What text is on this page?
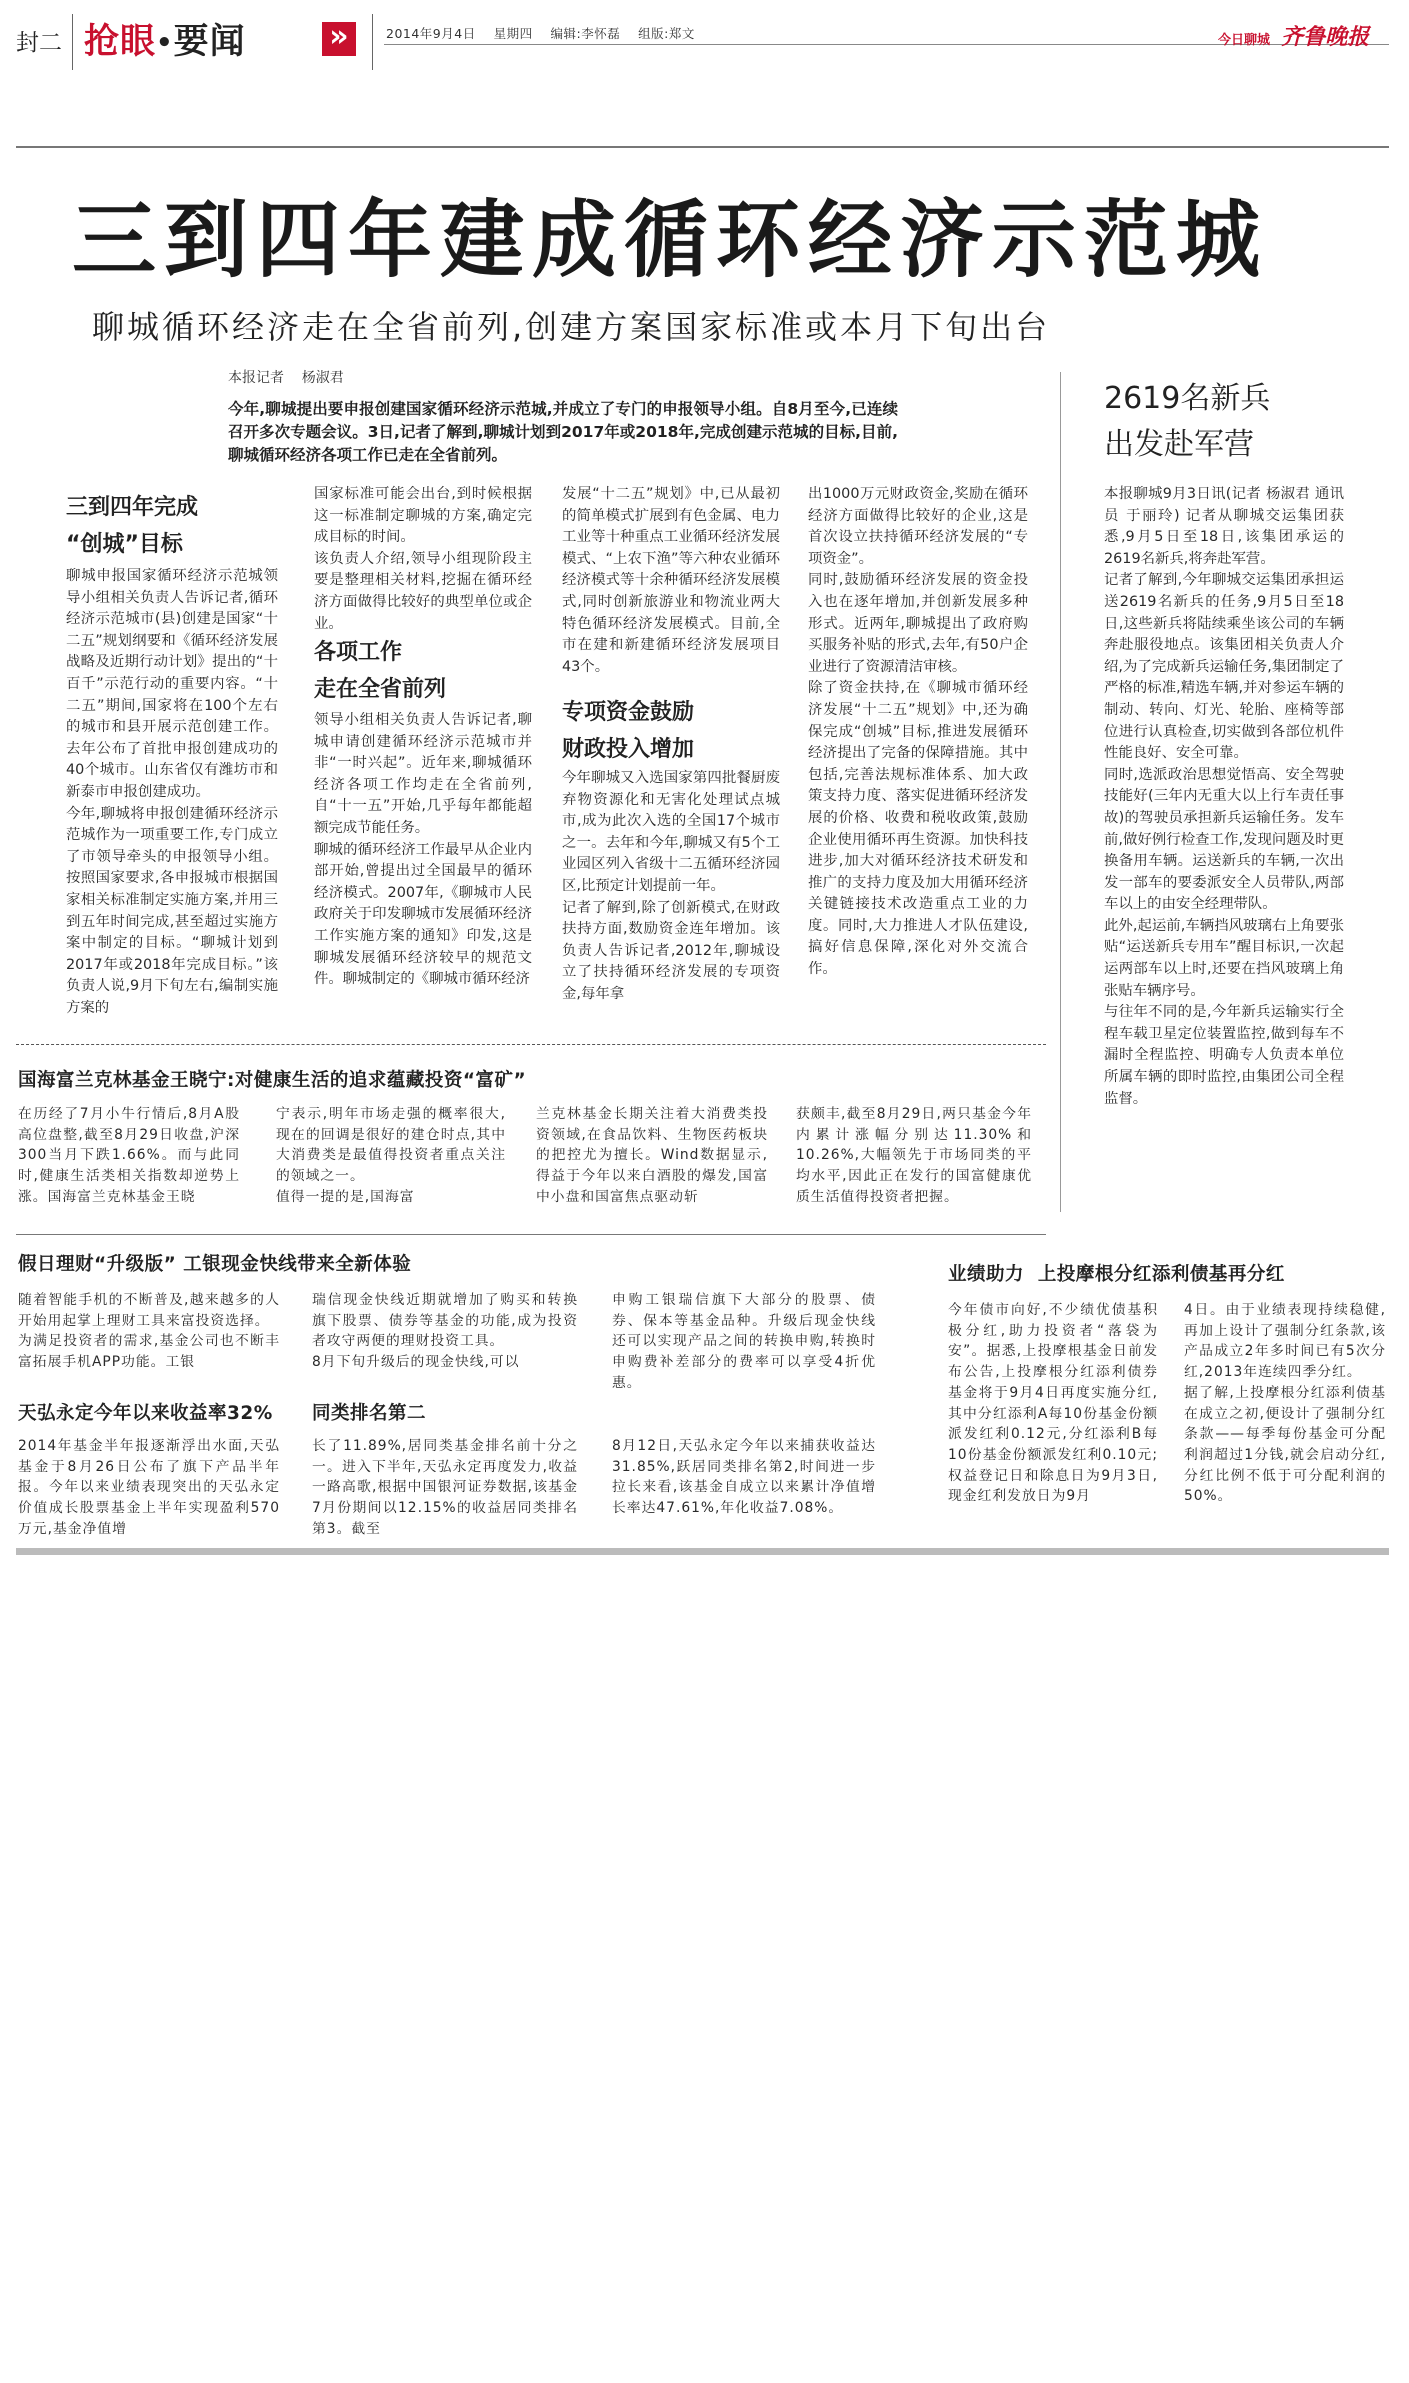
封二 抢眼•要闻	»	2014年9月4日 星期四 编辑:李怀磊 组版:郑文	今日聊城 齐鲁晚报
三到四年建成循环经济示范城
聊城循环经济走在全省前列,创建方案国家标准或本月下旬出台
本报记者    杨淑君
今年,聊城提出要申报创建国家循环经济示范城,并成立了专门的申报领导小组。自8月至今,已连续召开多次专题会议。3日,记者了解到,聊城计划到2017年或2018年,完成创建示范城的目标,目前,聊城循环经济各项工作已走在全省前列。
三到四年完成
“创城”目标
聊城申报国家循环经济示范城领导小组相关负责人告诉记者,循环经济示范城市(县)创建是国家“十二五”规划纲要和《循环经济发展战略及近期行动计划》提出的“十百千”示范行动的重要内容。“十二五”期间,国家将在100个左右的城市和县开展示范创建工作。去年公布了首批申报创建成功的40个城市。山东省仅有潍坊市和新泰市申报创建成功。
今年,聊城将申报创建循环经济示范城作为一项重要工作,专门成立了市领导牵头的申报领导小组。按照国家要求,各申报城市根据国家相关标准制定实施方案,并用三到五年时间完成,甚至超过实施方案中制定的目标。“聊城计划到2017年或2018年完成目标。”该负责人说,9月下旬左右,编制实施方案的
国家标准可能会出台,到时候根据这一标准制定聊城的方案,确定完成目标的时间。
该负责人介绍,领导小组现阶段主要是整理相关材料,挖掘在循环经济方面做得比较好的典型单位或企业。
各项工作
走在全省前列
领导小组相关负责人告诉记者,聊城申请创建循环经济示范城市并非“一时兴起”。近年来,聊城循环经济各项工作均走在全省前列,自“十一五”开始,几乎每年都能超额完成节能任务。
聊城的循环经济工作最早从企业内部开始,曾提出过全国最早的循环经济模式。2007年,《聊城市人民政府关于印发聊城市发展循环经济工作实施方案的通知》印发,这是聊城发展循环经济较早的规范文件。聊城制定的《聊城市循环经济
发展“十二五”规划》中,已从最初的简单模式扩展到有色金属、电力工业等十种重点工业循环经济发展模式、“上农下渔”等六种农业循环经济模式等十余种循环经济发展模式,同时创新旅游业和物流业两大特色循环经济发展模式。目前,全市在建和新建循环经济发展项目43个。
专项资金鼓励
财政投入增加
今年聊城又入选国家第四批餐厨废弃物资源化和无害化处理试点城市,成为此次入选的全国17个城市之一。去年和今年,聊城又有5个工业园区列入省级十二五循环经济园区,比预定计划提前一年。
记者了解到,除了创新模式,在财政扶持方面,数励资金连年增加。该负责人告诉记者,2012年,聊城设立了扶持循环经济发展的专项资金,每年拿
出1000万元财政资金,奖励在循环经济方面做得比较好的企业,这是首次设立扶持循环经济发展的“专项资金”。
同时,鼓励循环经济发展的资金投入也在逐年增加,并创新发展多种形式。近两年,聊城提出了政府购买服务补贴的形式,去年,有50户企业进行了资源清洁审核。
除了资金扶持,在《聊城市循环经济发展“十二五”规划》中,还为确保完成“创城”目标,推进发展循环经济提出了完备的保障措施。其中包括,完善法规标准体系、加大政策支持力度、落实促进循环经济发展的价格、收费和税收政策,鼓励企业使用循环再生资源。加快科技进步,加大对循环经济技术研发和推广的支持力度及加大用循环经济关键链接技术改造重点工业的力度。同时,大力推进人才队伍建设,搞好信息保障,深化对外交流合作。
2619名新兵
出发赴军营
本报聊城9月3日讯(记者 杨淑君 通讯员 于丽玲) 记者从聊城交运集团获悉,9月5日至18日,该集团承运的2619名新兵,将奔赴军营。
记者了解到,今年聊城交运集团承担运送2619名新兵的任务,9月5日至18日,这些新兵将陆续乘坐该公司的车辆奔赴服役地点。该集团相关负责人介绍,为了完成新兵运输任务,集团制定了严格的标准,精选车辆,并对参运车辆的制动、转向、灯光、轮胎、座椅等部位进行认真检查,切实做到各部位机件性能良好、安全可靠。
同时,选派政治思想觉悟高、安全驾驶技能好(三年内无重大以上行车责任事故)的驾驶员承担新兵运输任务。发车前,做好例行检查工作,发现问题及时更换备用车辆。运送新兵的车辆,一次出发一部车的要委派安全人员带队,两部车以上的由安全经理带队。
此外,起运前,车辆挡风玻璃右上角要张贴“运送新兵专用车”醒目标识,一次起运两部车以上时,还要在挡风玻璃上角张贴车辆序号。
与往年不同的是,今年新兵运输实行全程车载卫星定位装置监控,做到每车不漏时全程监控、明确专人负责本单位所属车辆的即时监控,由集团公司全程监督。
国海富兰克林基金王晓宁:对健康生活的追求蕴藏投资“富矿”
在历经了7月小牛行情后,8月A股高位盘整,截至8月29日收盘,沪深300当月下跌1.66%。而与此同时,健康生活类相关指数却逆势上涨。国海富兰克林基金王晓
宁表示,明年市场走强的概率很大,现在的回调是很好的建仓时点,其中大消费类是最值得投资者重点关注的领域之一。
值得一提的是,国海富
兰克林基金长期关注着大消费类投资领域,在食品饮料、生物医药板块的把控尤为擅长。Wind数据显示,得益于今年以来白酒股的爆发,国富中小盘和国富焦点驱动斩
获颇丰,截至8月29日,两只基金今年内累计涨幅分别达11.30%和10.26%,大幅领先于市场同类的平均水平,因此正在发行的国富健康优质生活值得投资者把握。
假日理财“升级版” 工银现金快线带来全新体验
随着智能手机的不断普及,越来越多的人开始用起掌上理财工具来富投资选择。
为满足投资者的需求,基金公司也不断丰富拓展手机APP功能。工银
瑞信现金快线近期就增加了购买和转换旗下股票、债券等基金的功能,成为投资者攻守两便的理财投资工具。
8月下旬升级后的现金快线,可以
申购工银瑞信旗下大部分的股票、债券、保本等基金品种。升级后现金快线还可以实现产品之间的转换申购,转换时申购费补差部分的费率可以享受4折优惠。
天弘永定今年以来收益率32% 同类排名第二
2014年基金半年报逐渐浮出水面,天弘基金于8月26日公布了旗下产品半年报。今年以来业绩表现突出的天弘永定价值成长股票基金上半年实现盈利570万元,基金净值增
长了11.89%,居同类基金排名前十分之一。进入下半年,天弘永定再度发力,收益一路高歌,根据中国银河证券数据,该基金7月份期间以12.15%的收益居同类排名第3。截至
8月12日,天弘永定今年以来捕获收益达31.85%,跃居同类排名第2,时间进一步拉长来看,该基金自成立以来累计净值增长率达47.61%,年化收益7.08%。
业绩助力  上投摩根分红添利债基再分红
今年债市向好,不少绩优债基积极分红,助力投资者“落袋为安”。据悉,上投摩根基金日前发布公告,上投摩根分红添利债券基金将于9月4日再度实施分红,其中分红添利A每10份基金份额派发红利0.12元,分红添利B每10份基金份额派发红利0.10元;权益登记日和除息日为9月3日,现金红利发放日为9月
4日。由于业绩表现持续稳健,再加上设计了强制分红条款,该产品成立2年多时间已有5次分红,2013年连续四季分红。
据了解,上投摩根分红添利债基在成立之初,便设计了强制分红条款——每季每份基金可分配利润超过1分钱,就会启动分红,分红比例不低于可分配利润的50%。
